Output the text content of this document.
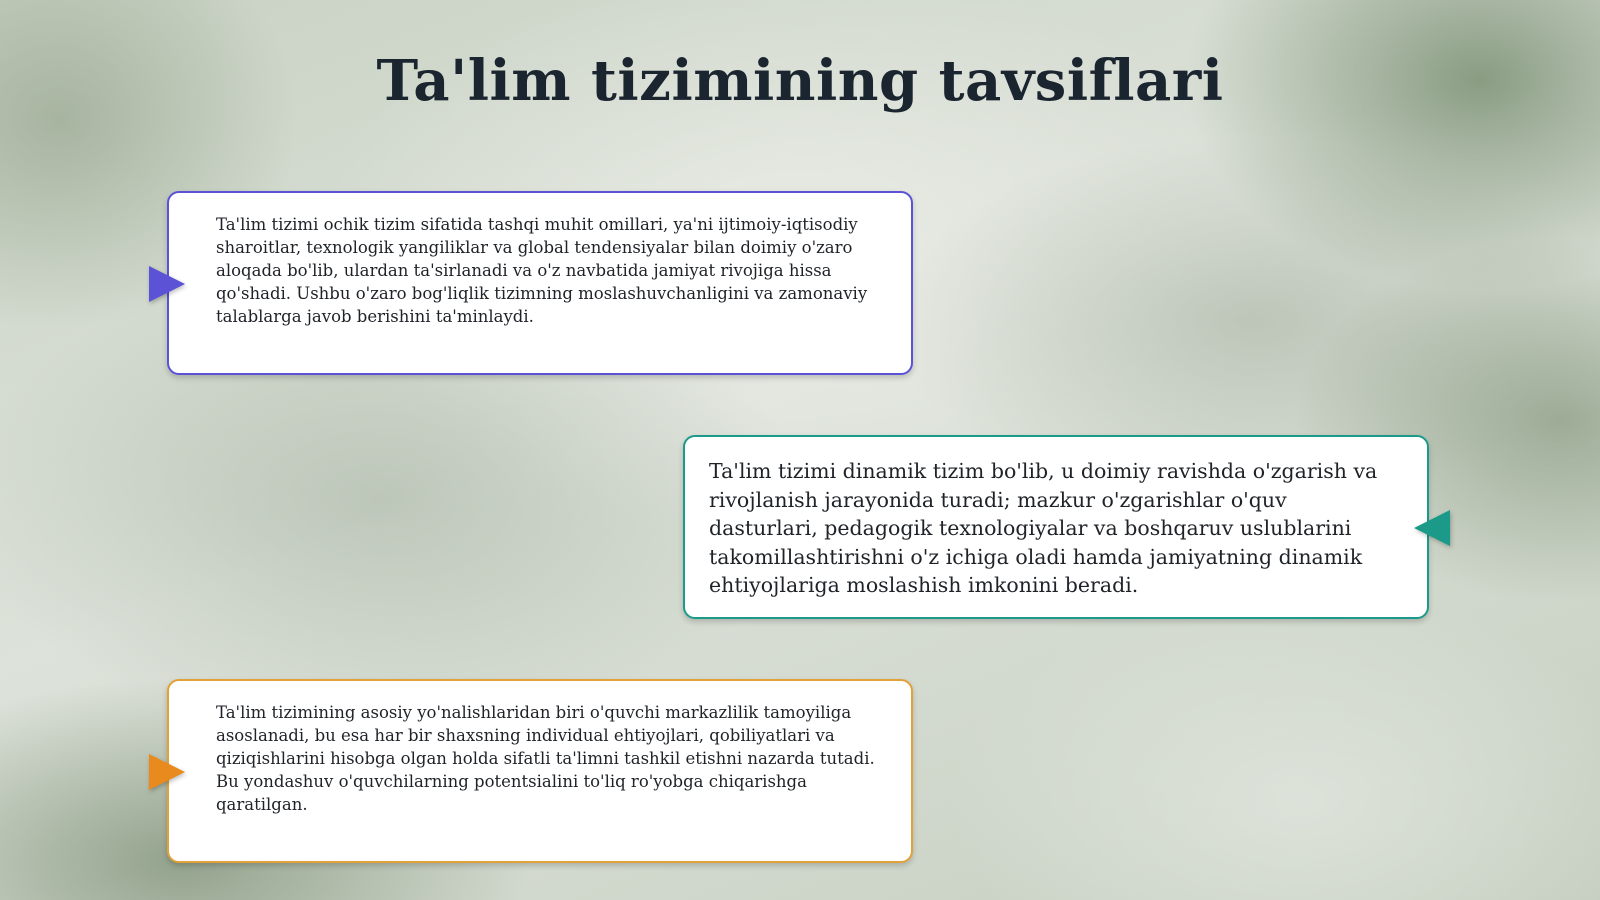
Ta'lim tizimining tavsiflari
Ta'lim tizimi ochik tizim sifatida tashqi muhit omillari, ya'ni ijtimoiy-iqtisodiy sharoitlar, texnologik yangiliklar va global tendensiyalar bilan doimiy o'zaro aloqada bo'lib, ulardan ta'sirlanadi va o'z navbatida jamiyat rivojiga hissa qo'shadi. Ushbu o'zaro bog'liqlik tizimning moslashuvchanligini va zamonaviy talablarga javob berishini ta'minlaydi.
Ta'lim tizimi dinamik tizim bo'lib, u doimiy ravishda o'zgarish va rivojlanish jarayonida turadi; mazkur o'zgarishlar o'quv dasturlari, pedagogik texnologiyalar va boshqaruv uslublarini takomillashtirishni o'z ichiga oladi hamda jamiyatning dinamik ehtiyojlariga moslashish imkonini beradi.
Ta'lim tizimining asosiy yo'nalishlaridan biri o'quvchi markazlilik tamoyiliga asoslanadi, bu esa har bir shaxsning individual ehtiyojlari, qobiliyatlari va qiziqishlarini hisobga olgan holda sifatli ta'limni tashkil etishni nazarda tutadi. Bu yondashuv o'quvchilarning potentsialini to'liq ro'yobga chiqarishga qaratilgan.
